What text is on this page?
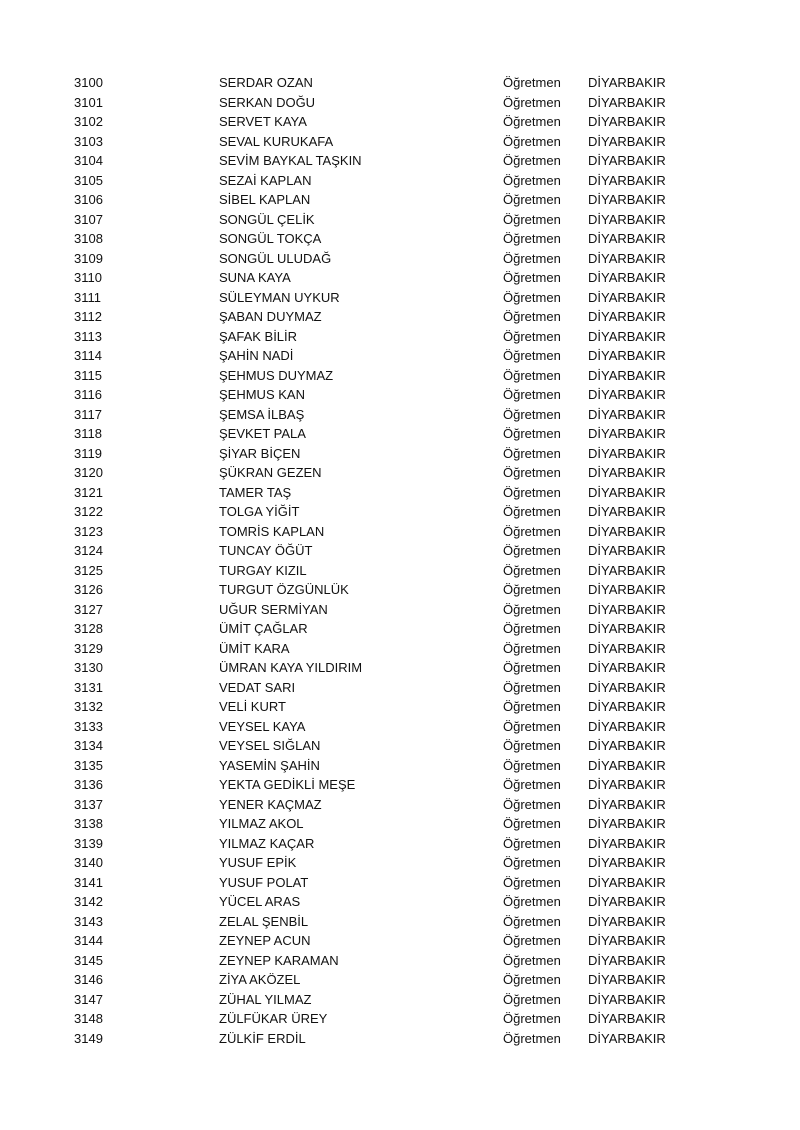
3100	SERDAR OZAN	Öğretmen DİYARBAKIR
3101	SERKAN DOĞU	Öğretmen DİYARBAKIR
3102	SERVET KAYA	Öğretmen DİYARBAKIR
3103	SEVAL KURUKAFA	Öğretmen DİYARBAKIR
3104	SEVİM BAYKAL TAŞKIN	Öğretmen DİYARBAKIR
3105	SEZAİ KAPLAN	Öğretmen DİYARBAKIR
3106	SİBEL KAPLAN	Öğretmen DİYARBAKIR
3107	SONGÜL ÇELİK	Öğretmen DİYARBAKIR
3108	SONGÜL TOKÇA	Öğretmen DİYARBAKIR
3109	SONGÜL ULUDAĞ	Öğretmen DİYARBAKIR
3110	SUNA KAYA	Öğretmen DİYARBAKIR
3111	SÜLEYMAN UYKUR	Öğretmen DİYARBAKIR
3112	ŞABAN DUYMAZ	Öğretmen DİYARBAKIR
3113	ŞAFAK BİLİR	Öğretmen DİYARBAKIR
3114	ŞAHİN NADİ	Öğretmen DİYARBAKIR
3115	ŞEHMUS DUYMAZ	Öğretmen DİYARBAKIR
3116	ŞEHMUS KAN	Öğretmen DİYARBAKIR
3117	ŞEMSA İLBAŞ	Öğretmen DİYARBAKIR
3118	ŞEVKET PALA	Öğretmen DİYARBAKIR
3119	ŞİYAR BİÇEN	Öğretmen DİYARBAKIR
3120	ŞÜKRAN GEZEN	Öğretmen DİYARBAKIR
3121	TAMER TAŞ	Öğretmen DİYARBAKIR
3122	TOLGA YİĞİT	Öğretmen DİYARBAKIR
3123	TOMRİS KAPLAN	Öğretmen DİYARBAKIR
3124	TUNCAY ÖĞÜT	Öğretmen DİYARBAKIR
3125	TURGAY KIZIL	Öğretmen DİYARBAKIR
3126	TURGUT ÖZGÜNLÜK	Öğretmen DİYARBAKIR
3127	UĞUR SERMİYAN	Öğretmen DİYARBAKIR
3128	ÜMİT ÇAĞLAR	Öğretmen DİYARBAKIR
3129	ÜMİT KARA	Öğretmen DİYARBAKIR
3130	ÜMRAN KAYA YILDIRIM	Öğretmen DİYARBAKIR
3131	VEDAT SARI	Öğretmen DİYARBAKIR
3132	VELİ KURT	Öğretmen DİYARBAKIR
3133	VEYSEL KAYA	Öğretmen DİYARBAKIR
3134	VEYSEL SIĞLAN	Öğretmen DİYARBAKIR
3135	YASEMİN ŞAHİN	Öğretmen DİYARBAKIR
3136	YEKTA GEDİKLİ MEŞE	Öğretmen DİYARBAKIR
3137	YENER KAÇMAZ	Öğretmen DİYARBAKIR
3138	YILMAZ AKOL	Öğretmen DİYARBAKIR
3139	YILMAZ KAÇAR	Öğretmen DİYARBAKIR
3140	YUSUF EPİK	Öğretmen DİYARBAKIR
3141	YUSUF POLAT	Öğretmen DİYARBAKIR
3142	YÜCEL ARAS	Öğretmen DİYARBAKIR
3143	ZELAL ŞENBİL	Öğretmen DİYARBAKIR
3144	ZEYNEP ACUN	Öğretmen DİYARBAKIR
3145	ZEYNEP KARAMAN	Öğretmen DİYARBAKIR
3146	ZİYA AKÖZEL	Öğretmen DİYARBAKIR
3147	ZÜHAL YILMAZ	Öğretmen DİYARBAKIR
3148	ZÜLFÜKAR ÜREY	Öğretmen DİYARBAKIR
3149	ZÜLKİF ERDİL	Öğretmen DİYARBAKIR
